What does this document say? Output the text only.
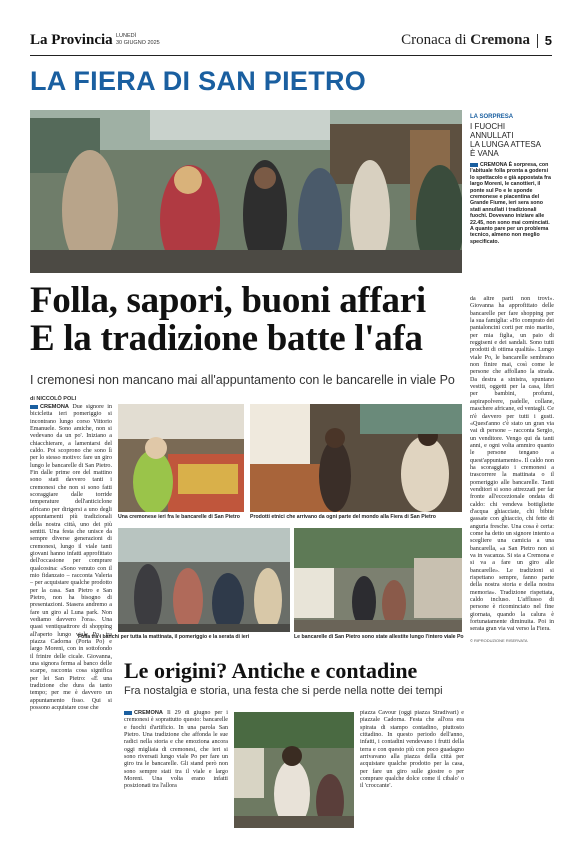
La Provincia LUNEDÌ
30 GIUGNO 2025	Cronaca di Cremona 5
LA FIERA DI SAN PIETRO
LA SORPRESA
I FUOCHI
ANNULLATI
LA LUNGA ATTESA
È VANA
CREMONA È sorpresa, con l'abituale folla pronta a godersi lo spettacolo e già appostata fra largo Moreni, le canottieri, il ponte sul Po e le sponde cremonese e piacentina del Grande Fiume, ieri sera sono stati annullati i tradizionali fuochi. Dovevano iniziare alle 22.45, non sono mai cominciati. A quanto pare per un problema tecnico, almeno non meglio specificato.
Folla, sapori, buoni affari
E la tradizione batte l'afa
I cremonesi non mancano mai all'appuntamento con le bancarelle in viale Po
di NICCOLÒ POLI
CREMONA Due signore in bicicletta ieri pomeriggio si incontrano lungo corso Vittorio Emanuele. Sono amiche, non si vedevano da un po'. Iniziano a chiacchierare, a lamentarsi del caldo. Poi scoprono che sono lì per lo stesso motivo: fare un giro lungo le bancarelle di San Pietro. Fin dalle prime ore del mattino sono stati davvero tanti i cremonesi che non si sono fatti scoraggiare dalle torride temperature dell'anticiclone africano per dirigersi a uno degli appuntamenti più tradizionali della nostra città, uno dei più sentiti. Una festa che unisce da sempre diverse generazioni di cremonesi, lungo il viale tanti giovani hanno infatti approfittato dell'occasione per comprare qualcosina: «Sono venuto con il mio fidanzato – racconta Valeria – per acquistare qualche prodotto per la casa. San Pietro e San Pietro, non ha bisogno di presentazioni. Stasera andremo a fare un giro al Luna park. Non vediamo davvero l'ora». Una quasi ventiquattrore di shopping all'aperto lungo viale Po, tra piazza Cadorna (Porta Po) e largo Moreni, con in sottofondo il frinire delle cicale. Giovanna, una signora ferma al banco delle scarpe, racconta cosa significa per lei San Pietro: «È una tradizione che dura da tanto tempo; per me è davvero un appuntamento fisso. Qui si possono acquistare cose che
Una cremonese ieri fra le bancarelle di San Pietro Prodotti etnici che arrivano da ogni parte del mondo alla Fiera di San Pietro
Folla tra i banchi per tutta la mattinata, il pomeriggio e la serata di ieri	Le bancarelle di San Pietro sono state allestite lungo l'intero viale Po
da altre parti non trovi». Giovanna ha approfittato delle bancarelle per fare shopping per la sua famiglia: «Ho comprato dei pantaloncini corti per mio marito, per mia figlia, un paio di reggiseni e dei sandali. Sono tutti prodotti di ottima qualità». Lungo viale Po, le bancarelle sembrano non finire mai, così come le persone che affollano la strada. Da destra a sinistra, spuntano vestiti, oggetti per la casa, libri per bambini, profumi, aspirapolvere, padelle, collane, maschere africane, ed ventagli. Ce n'è davvero per tutti i gusti. «Quest'anno c'è stato un gran via vai di persone – racconta Sergio, un venditore. Vengo qui da tanti anni, e ogni volta ammiro quanto le persone tengano a quest'appuntamento». Il caldo non ha scoraggiato i cremonesi a trascorrere la mattinata o il pomeriggio alle bancarelle. Tanti venditori si sono attrezzati per far fronte all'eccezionale ondata di caldo: chi vendeva bottigliette d'acqua ghiacciate, chi bibite gassate con ghiaccio, chi fette di anguria fresche. Una cosa è certa: come ha detto un signore intento a scegliere una camicia a una bancarella, «a San Pietro non si va in vacanza. Si sta a Cremona e si va a fare un giro alle bancarelle». Le tradizioni si rispettano sempre, fanno parte della nostra storia e della nostra memoria». Tradizione rispettata, caldo incluso. L'afflusso di persone è ricominciato nel fine giornata, quando la calura è fortunatamente diminuita. Poi in serata gran via vai verso la Fiera.
© RIPRODUZIONE RISERVATA
Le origini? Antiche e contadine
Fra nostalgia e storia, una festa che si perde nella notte dei tempi
CREMONA Il 29 di giugno per i cremonesi è soprattutto questo: bancarelle e fuochi d'artificio. In una parola San Pietro. Una tradizione che affonda le sue radici nella storia e che emoziona ancora oggi migliaia di cremonesi, che ieri si sono riversati lungo viale Po per fare un giro tra le bancarelle. Gli stand però non sono sempre stati tra il viale e largo Moreni. Una volta erano infatti posizionati tra l'allora
piazza Cavour (oggi piazza Stradivari) e piazzale Cadorna. Festa che all'ora era spirata di stampo contadino, piuttosto cittadino. In questo periodo dell'anno, infatti, i contadini vendevano i frutti della terra e con questo più con poco guadagno arrivavano alla piazza della città per acquistare qualche prodotto per la casa, per fare un giro sulle giostre o per comprare qualche dolce come il cibalo' o il 'croccante'.
